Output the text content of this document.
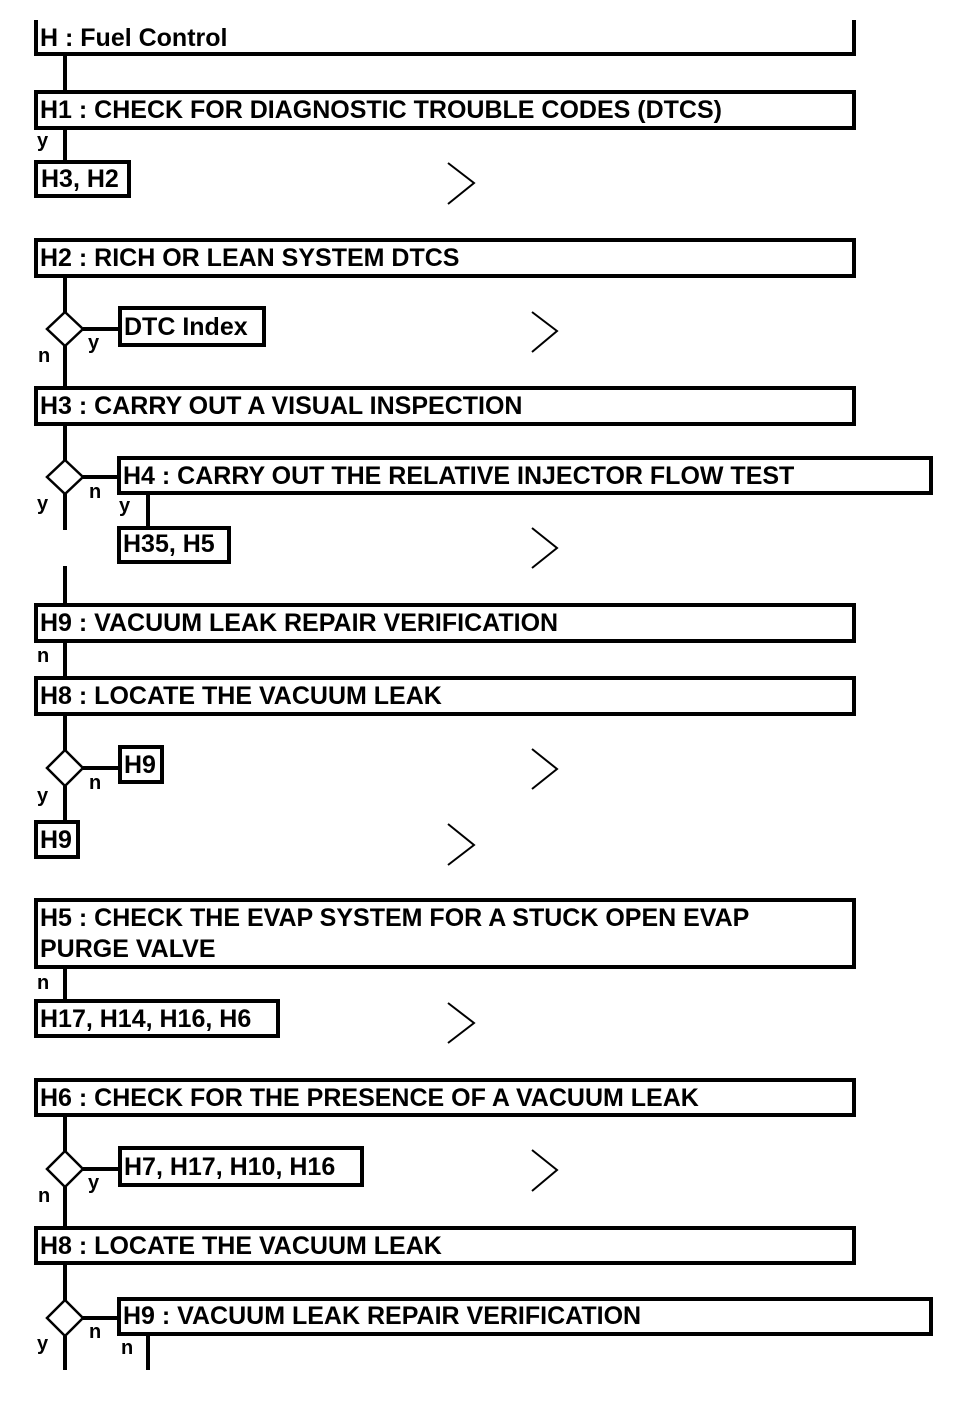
H : Fuel Control
H1 : CHECK FOR DIAGNOSTIC TROUBLE CODES (DTCS)
y
H3, H2
H2 : RICH OR LEAN SYSTEM DTCS
DTC Index
y
n
H3 : CARRY OUT A VISUAL INSPECTION
H4 : CARRY OUT THE RELATIVE INJECTOR FLOW TEST
n
y	y
H35, H5
H9 : VACUUM LEAK REPAIR VERIFICATION
n
H8 : LOCATE THE VACUUM LEAK
H9
n
y
H9
H5 : CHECK THE EVAP SYSTEM FOR A STUCK OPEN EVAP
PURGE VALVE
n
H17, H14, H16, H6
H6 : CHECK FOR THE PRESENCE OF A VACUUM LEAK
H7, H17, H10, H16
y
n
H8 : LOCATE THE VACUUM LEAK
H9 : VACUUM LEAK REPAIR VERIFICATION
n
y	n
